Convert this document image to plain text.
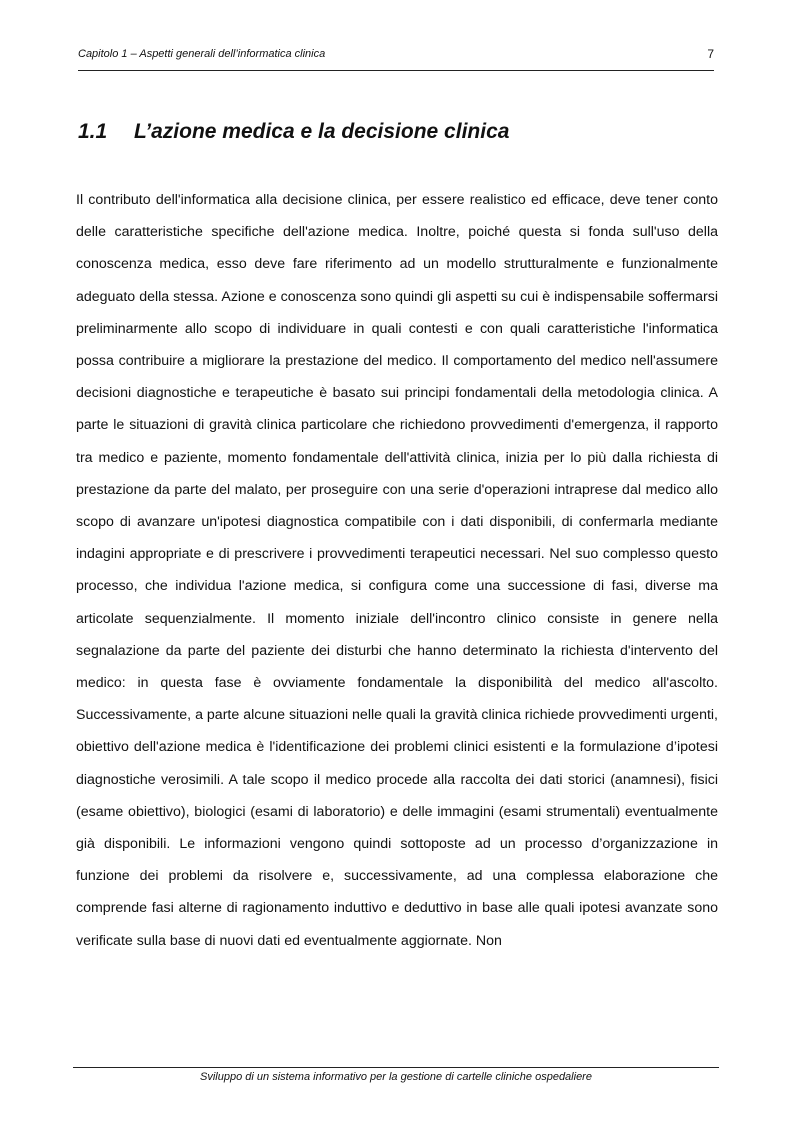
Capitolo 1 – Aspetti generali dell’informatica clinica	7
1.1 L’azione medica e la decisione clinica

Il contributo dell'informatica alla decisione clinica, per essere realistico ed efficace, deve tener conto delle caratteristiche specifiche dell'azione medica. Inoltre, poiché questa si fonda sull'uso della conoscenza medica, esso deve fare riferimento ad un modello strutturalmente e funzionalmente adeguato della stessa. Azione e conoscenza sono quindi gli aspetti su cui è indispensabile soffermarsi preliminarmente allo scopo di individuare in quali contesti e con quali caratteristiche l'informatica possa contribuire a migliorare la prestazione del medico. Il comportamento del medico nell'assumere decisioni diagnostiche e terapeutiche è basato sui principi fondamentali della metodologia clinica. A parte le situazioni di gravità clinica particolare che richiedono provvedimenti d'emergenza, il rapporto tra medico e paziente, momento fondamentale dell'attività clinica, inizia per lo più dalla richiesta di prestazione da parte del malato, per proseguire con una serie d'operazioni intraprese dal medico allo scopo di avanzare un'ipotesi diagnostica compatibile con i dati disponibili, di confermarla mediante indagini appropriate e di prescrivere i provvedimenti terapeutici necessari. Nel suo complesso questo processo, che individua l'azione medica, si configura come una successione di fasi, diverse ma articolate sequenzialmente. Il momento iniziale dell'incontro clinico consiste in genere nella segnalazione da parte del paziente dei disturbi che hanno determinato la richiesta d'intervento del medico: in questa fase è ovviamente fondamentale la disponibilità del medico all'ascolto. Successivamente, a parte alcune situazioni nelle quali la gravità clinica richiede provvedimenti urgenti, obiettivo dell'azione medica è l'identificazione dei problemi clinici esistenti e la formulazione d’ipotesi diagnostiche verosimili. A tale scopo il medico procede alla raccolta dei dati storici (anamnesi), fisici (esame obiettivo), biologici (esami di laboratorio) e delle immagini (esami strumentali) eventualmente già disponibili. Le informazioni vengono quindi sottoposte ad un processo d’organizzazione in funzione dei problemi da risolvere e, successivamente, ad una complessa elaborazione che comprende fasi alterne di ragionamento induttivo e deduttivo in base alle quali ipotesi avanzate sono verificate sulla base di nuovi dati ed eventualmente aggiornate. Non

Sviluppo di un sistema informativo per la gestione di cartelle cliniche ospedaliere
